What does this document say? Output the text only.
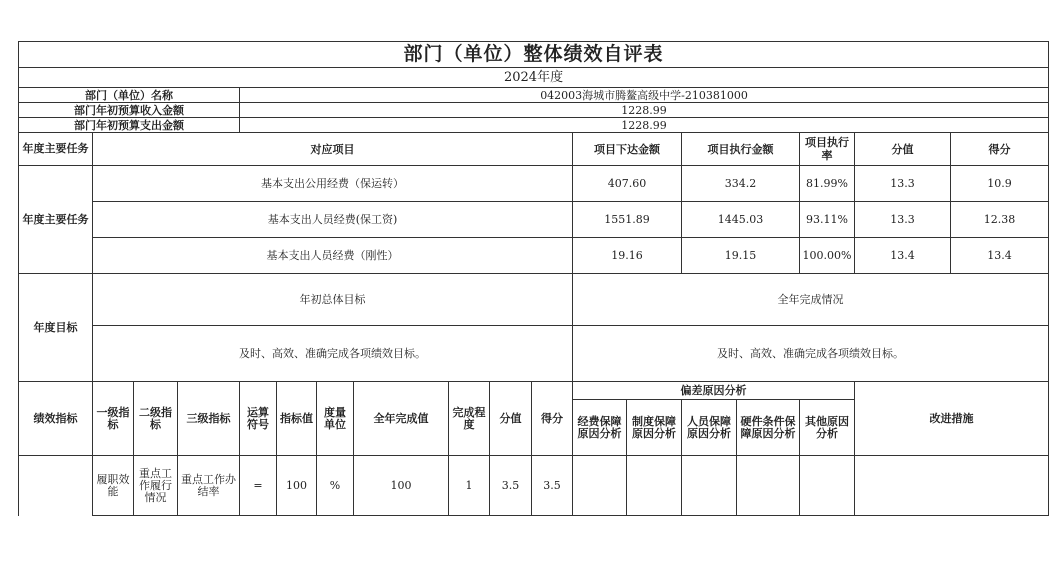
部门（单位）整体绩效自评表																	
2024年度																	
部门（单位）名称				042003海城市腾鳌高级中学-210381000													
部门年初预算收入金额				1228.99													
部门年初预算支出金额				1228.99													
年度主要任务	对应项目										项目下达金额		项目执行金额		项目执行率	分值	得分
年度主要任务	基本支出公用经费（保运转）										407.60		334.2		81.99%	13.3	10.9
	基本支出人员经费(保工资)										1551.89		1445.03		93.11%	13.3	12.38
	基本支出人员经费（刚性）										19.16		19.15		100.00%	13.4	13.4
年度目标	年初总体目标										全年完成情况						
	及时、高效、准确完成各项绩效目标。										及时、高效、准确完成各项绩效目标。						
绩效指标	一级指标	二级指标	三级指标	运算符号	指标值	度量单位	全年完成值	完成程度	分值	得分	偏差原因分析					改进措施	
											经费保障原因分析	制度保障原因分析	人员保障原因分析	硬件条件保障原因分析	其他原因分析		
	履职效能	重点工作履行情况	重点工作办结率	=	100	%	100	1	3.5	3.5							
